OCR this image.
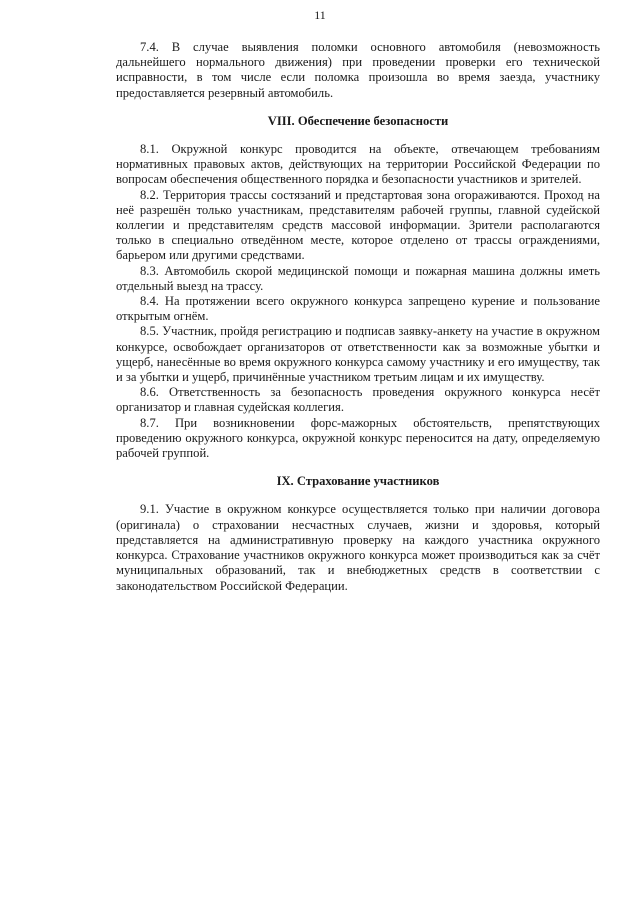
11

7.4. В случае выявления поломки основного автомобиля (невозможность дальнейшего нормального движения) при проведении проверки его технической исправности, в том числе если поломка произошла во время заезда, участнику предоставляется резервный автомобиль.

VIII. Обеспечение безопасности

8.1. Окружной конкурс проводится на объекте, отвечающем требованиям нормативных правовых актов, действующих на территории Российской Федерации по вопросам обеспечения общественного порядка и безопасности участников и зрителей.

8.2. Территория трассы состязаний и предстартовая зона огораживаются. Проход на неё разрешён только участникам, представителям рабочей группы, главной судейской коллегии и представителям средств массовой информации. Зрители располагаются только в специально отведённом месте, которое отделено от трассы ограждениями, барьером или другими средствами.

8.3. Автомобиль скорой медицинской помощи и пожарная машина должны иметь отдельный выезд на трассу.

8.4. На протяжении всего окружного конкурса запрещено курение и пользование открытым огнём.

8.5. Участник, пройдя регистрацию и подписав заявку-анкету на участие в окружном конкурсе, освобождает организаторов от ответственности как за возможные убытки и ущерб, нанесённые во время окружного конкурса самому участнику и его имуществу, так и за убытки и ущерб, причинённые участником третьим лицам и их имуществу.

8.6. Ответственность за безопасность проведения окружного конкурса несёт организатор и главная судейская коллегия.

8.7. При возникновении форс-мажорных обстоятельств, препятствующих проведению окружного конкурса, окружной конкурс переносится на дату, определяемую рабочей группой.

IX. Страхование участников

9.1. Участие в окружном конкурсе осуществляется только при наличии договора (оригинала) о страховании несчастных случаев, жизни и здоровья, который представляется на административную проверку на каждого участника окружного конкурса. Страхование участников окружного конкурса может производиться как за счёт муниципальных образований, так и внебюджетных средств в соответствии с законодательством Российской Федерации.
